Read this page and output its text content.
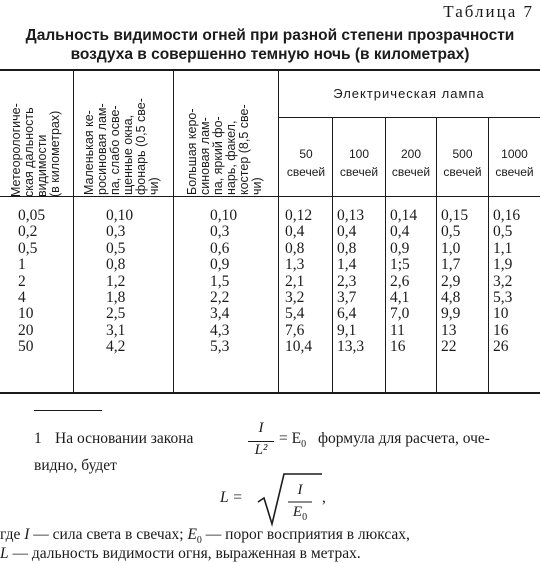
Таблица 7
Дальность видимости огней при разной степени прозрачности
воздуха в совершенно темную ночь (в километрах)
Метеорологиче- ская дальность видимости (в километрах) Маленькая ке- росиновая лам- па, слабо осве- щенные окна, фонарь (0,5 све- чи) Большая керо- синовая лам- па, яркий фо- нарь, факел, костер (8,5 све- чи)
Электрическая лампа
50
свечей
100
свечей
200
свечей
500
свечей
1000
свечей
0,05
0,2
0,5
1
2
4
10
20
50
0,10
0,3
0,5
0,8
1,2
1,8
2,5
3,1
4,2
0,10
0,3
0,6
0,9
1,5
2,2
3,4
4,3
5,3
0,12
0,4
0,8
1,3
2,1
3,2
5,4
7,6
10,4
0,13
0,4
0,8
1,4
2,3
3,7
6,4
9,1
13,3
0,14
0,4
0,9
1;5
2,6
4,1
7,0
11
16
0,15
0,5
1,0
1,7
2,9
4,8
9,9
13
22
0,16
0,5
1,1
1,9
3,2
5,3
10
16
26
1 На основании закона
I
L²
= $E_0$ формула для расчета, оче-
видно, будет
L =	I
$E_0$
,
где I — сила света в свечах; $E_0$ — порог восприятия в люксах,
L — дальность видимости огня, выраженная в метрах.
